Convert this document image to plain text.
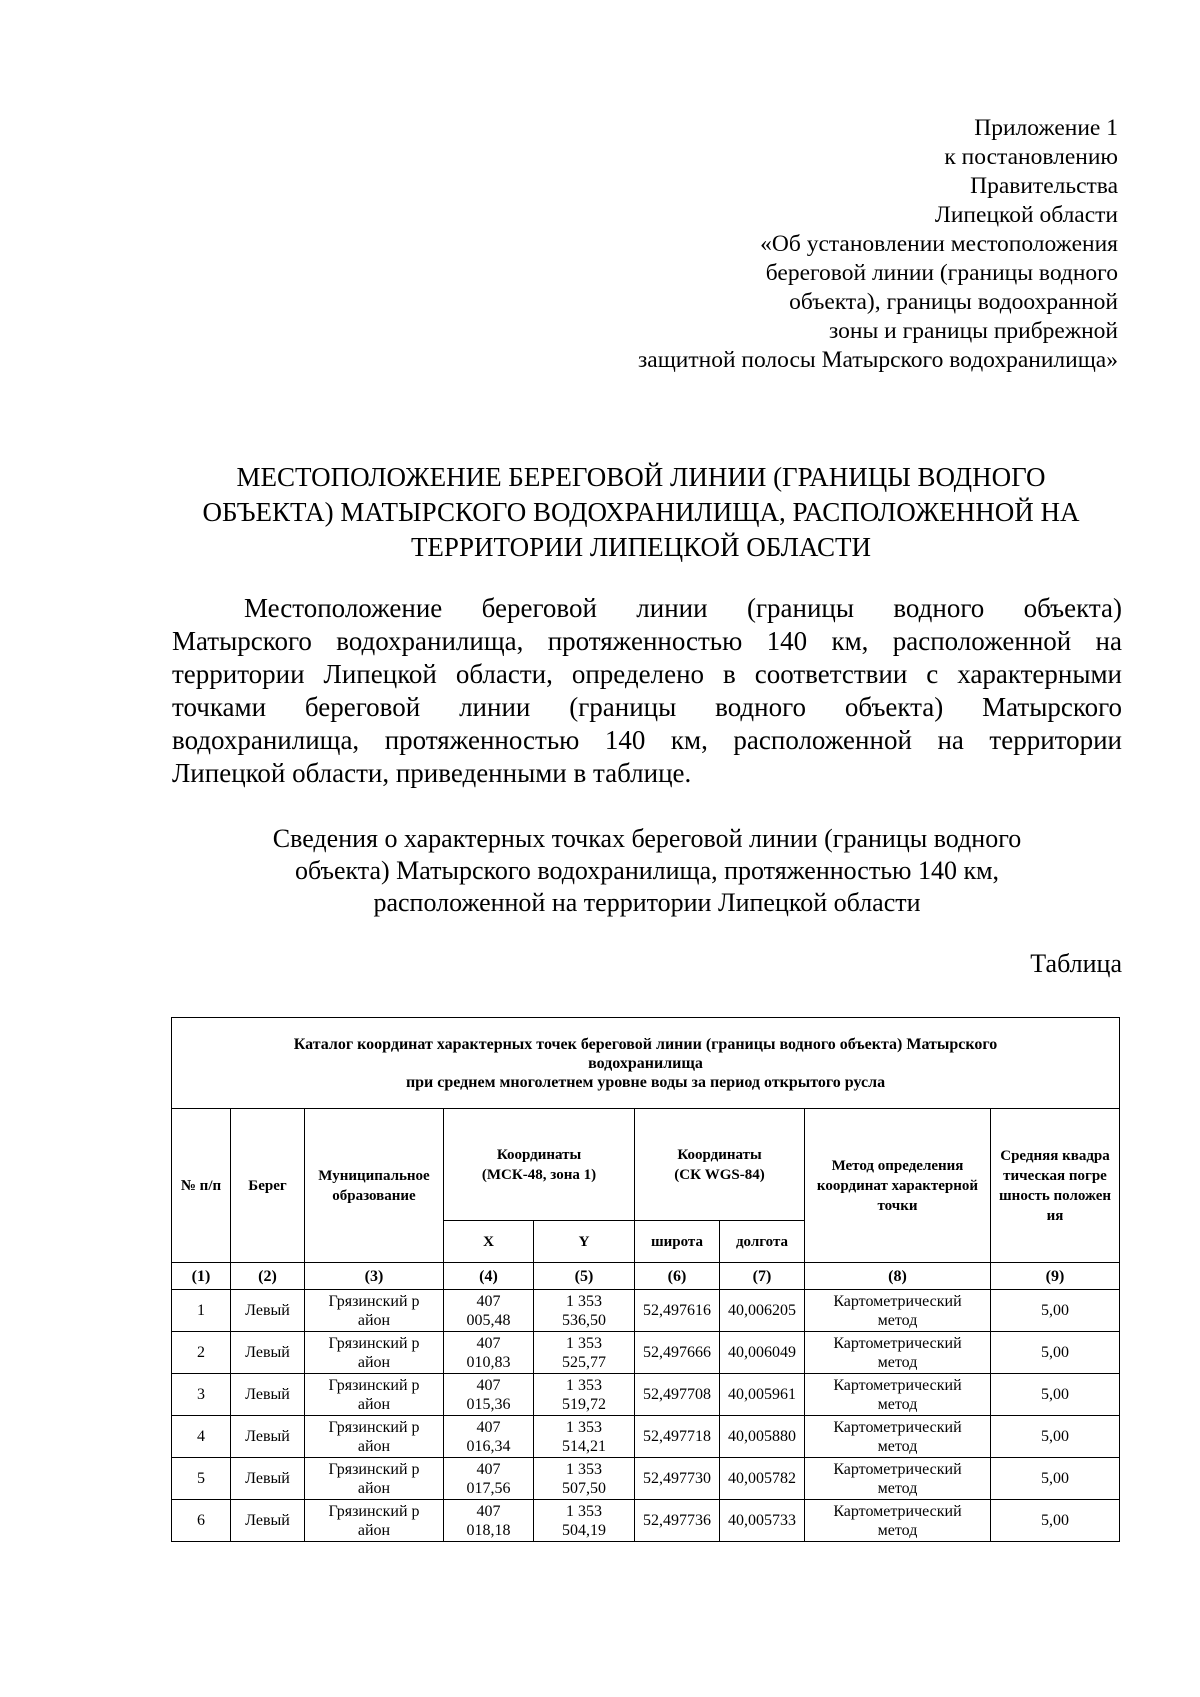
Приложение 1
к постановлению
Правительства
Липецкой области
«Об установлении местоположения
береговой линии (границы водного
объекта), границы водоохранной
зоны и границы прибрежной
защитной полосы Матырского водохранилища»
МЕСТОПОЛОЖЕНИЕ БЕРЕГОВОЙ ЛИНИИ (ГРАНИЦЫ ВОДНОГО
ОБЪЕКТА) МАТЫРСКОГО ВОДОХРАНИЛИЩА, РАСПОЛОЖЕННОЙ НА
ТЕРРИТОРИИ ЛИПЕЦКОЙ ОБЛАСТИ
Местоположение береговой линии (границы водного объекта)
Матырского водохранилища, протяженностью 140 км, расположенной на
территории Липецкой области, определено в соответствии с характерными
точками береговой линии (границы водного объекта) Матырского
водохранилища, протяженностью 140 км, расположенной на территории
Липецкой области, приведенными в таблице.
Сведения о характерных точках береговой линии (границы водного
объекта) Матырского водохранилища, протяженностью 140 км,
расположенной на территории Липецкой области
Таблица
Каталог координат характерных точек береговой линии (границы водного объекта) Матырского
водохранилища
при среднем многолетнем уровне воды за период открытого русла								

№ п/п	Берег	Муниципальное образование	Координаты (МСК-48, зона 1)		Координаты (СК WGS-84)		Метод определения координат характерной точки	Средняя квадратическая погрешность положения
			X	Y	широта	долгота		
(1)	(2)	(3)	(4)	(5)	(6)	(7)	(8)	(9)
1	Левый	Грязинский район	407 005,48	1 353 536,50	52,497616	40,006205	Картометрический метод	5,00
2	Левый	Грязинский район	407 010,83	1 353 525,77	52,497666	40,006049	Картометрический метод	5,00
3	Левый	Грязинский район	407 015,36	1 353 519,72	52,497708	40,005961	Картометрический метод	5,00
4	Левый	Грязинский район	407 016,34	1 353 514,21	52,497718	40,005880	Картометрический метод	5,00
5	Левый	Грязинский район	407 017,56	1 353 507,50	52,497730	40,005782	Картометрический метод	5,00
6	Левый	Грязинский район	407 018,18	1 353 504,19	52,497736	40,005733	Картометрический метод	5,00
